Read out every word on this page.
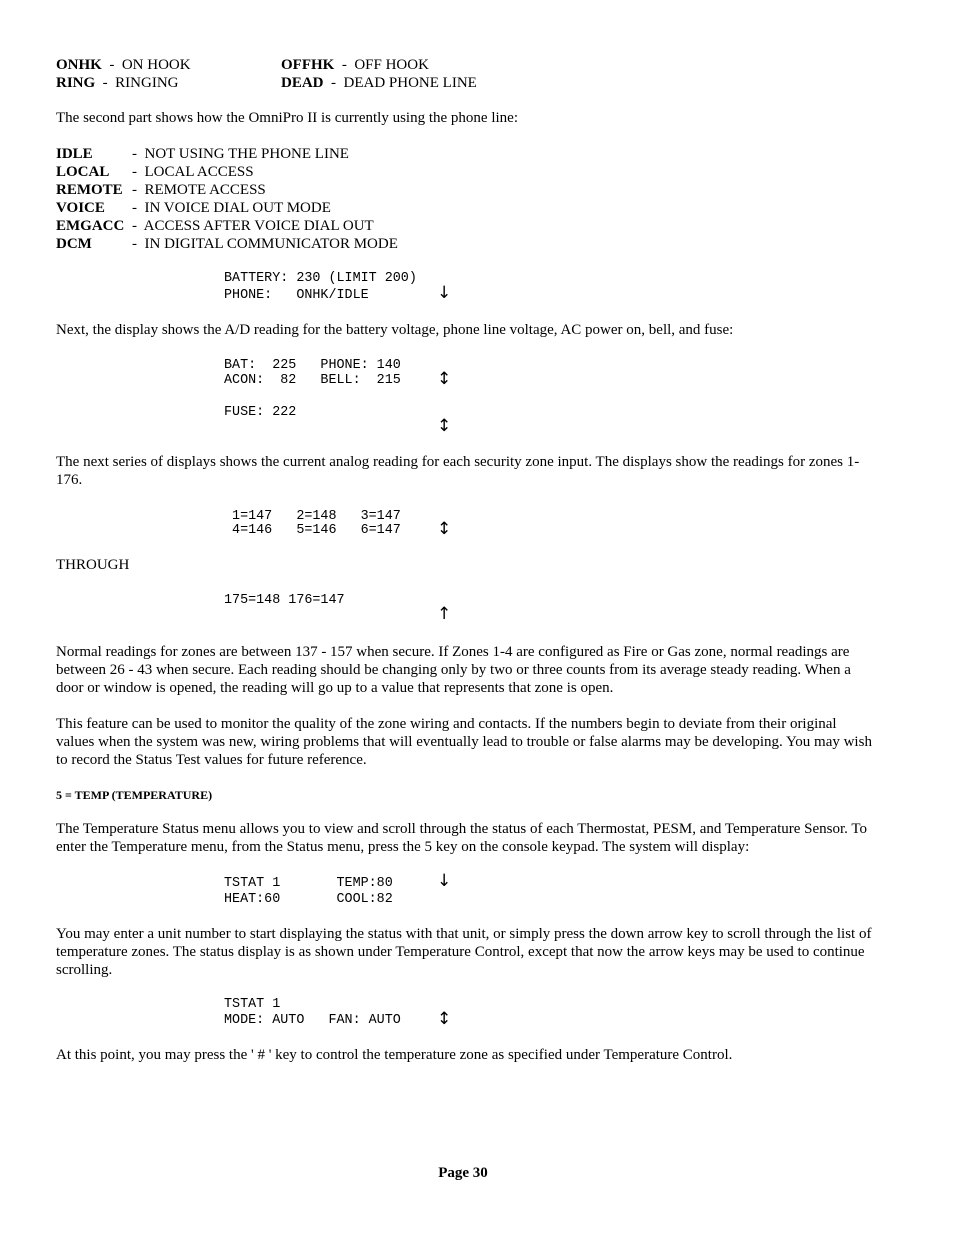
ONHK  -  ON HOOK	OFFHK  -  OFF HOOK
RING  -  RINGING	DEAD  -  DEAD PHONE LINE
The second part shows how the OmniPro II is currently using the phone line:
IDLE	-  NOT USING THE PHONE LINE
LOCAL -  LOCAL ACCESS
REMOTE -  REMOTE ACCESS
VOICE -  IN VOICE DIAL OUT MODE
EMGACC -  ACCESS AFTER VOICE DIAL OUT
DCM	-  IN DIGITAL COMMUNICATOR MODE
BATTERY: 230 (LIMIT 200)
PHONE:   ONHK/IDLE	↓
Next, the display shows the A/D reading for the battery voltage, phone line voltage, AC power on, bell, and fuse:
BAT:  225   PHONE: 140
ACON:  82   BELL:  215 ↕
FUSE: 222
↕
The next series of displays shows the current analog reading for each security zone input. The displays show the readings for zones 1-176.
1=147   2=148   3=147
4=146   5=146   6=147 ↕
THROUGH
175=148 176=147
↑
Normal readings for zones are between 137 - 157 when secure. If Zones 1-4 are configured as Fire or Gas zone, normal readings are between 26 - 43 when secure. Each reading should be changing only by two or three counts from its average steady reading. When a door or window is opened, the reading will go up to a value that represents that zone is open.
This feature can be used to monitor the quality of the zone wiring and contacts. If the numbers begin to deviate from their original values when the system was new, wiring problems that will eventually lead to trouble or false alarms may be developing. You may wish to record the Status Test values for future reference.
5 = TEMP (TEMPERATURE)
The Temperature Status menu allows you to view and scroll through the status of each Thermostat, PESM, and Temperature Sensor. To enter the Temperature menu, from the Status menu, press the 5 key on the console keypad. The system will display:
TSTAT 1       TEMP:80
HEAT:60       COOL:82
↓
You may enter a unit number to start displaying the status with that unit, or simply press the down arrow key to scroll through the list of temperature zones. The status display is as shown under Temperature Control, except that now the arrow keys may be used to continue scrolling.
TSTAT 1
MODE: AUTO   FAN: AUTO ↕
At this point, you may press the ' # ' key to control the temperature zone as specified under Temperature Control.
Page 30
